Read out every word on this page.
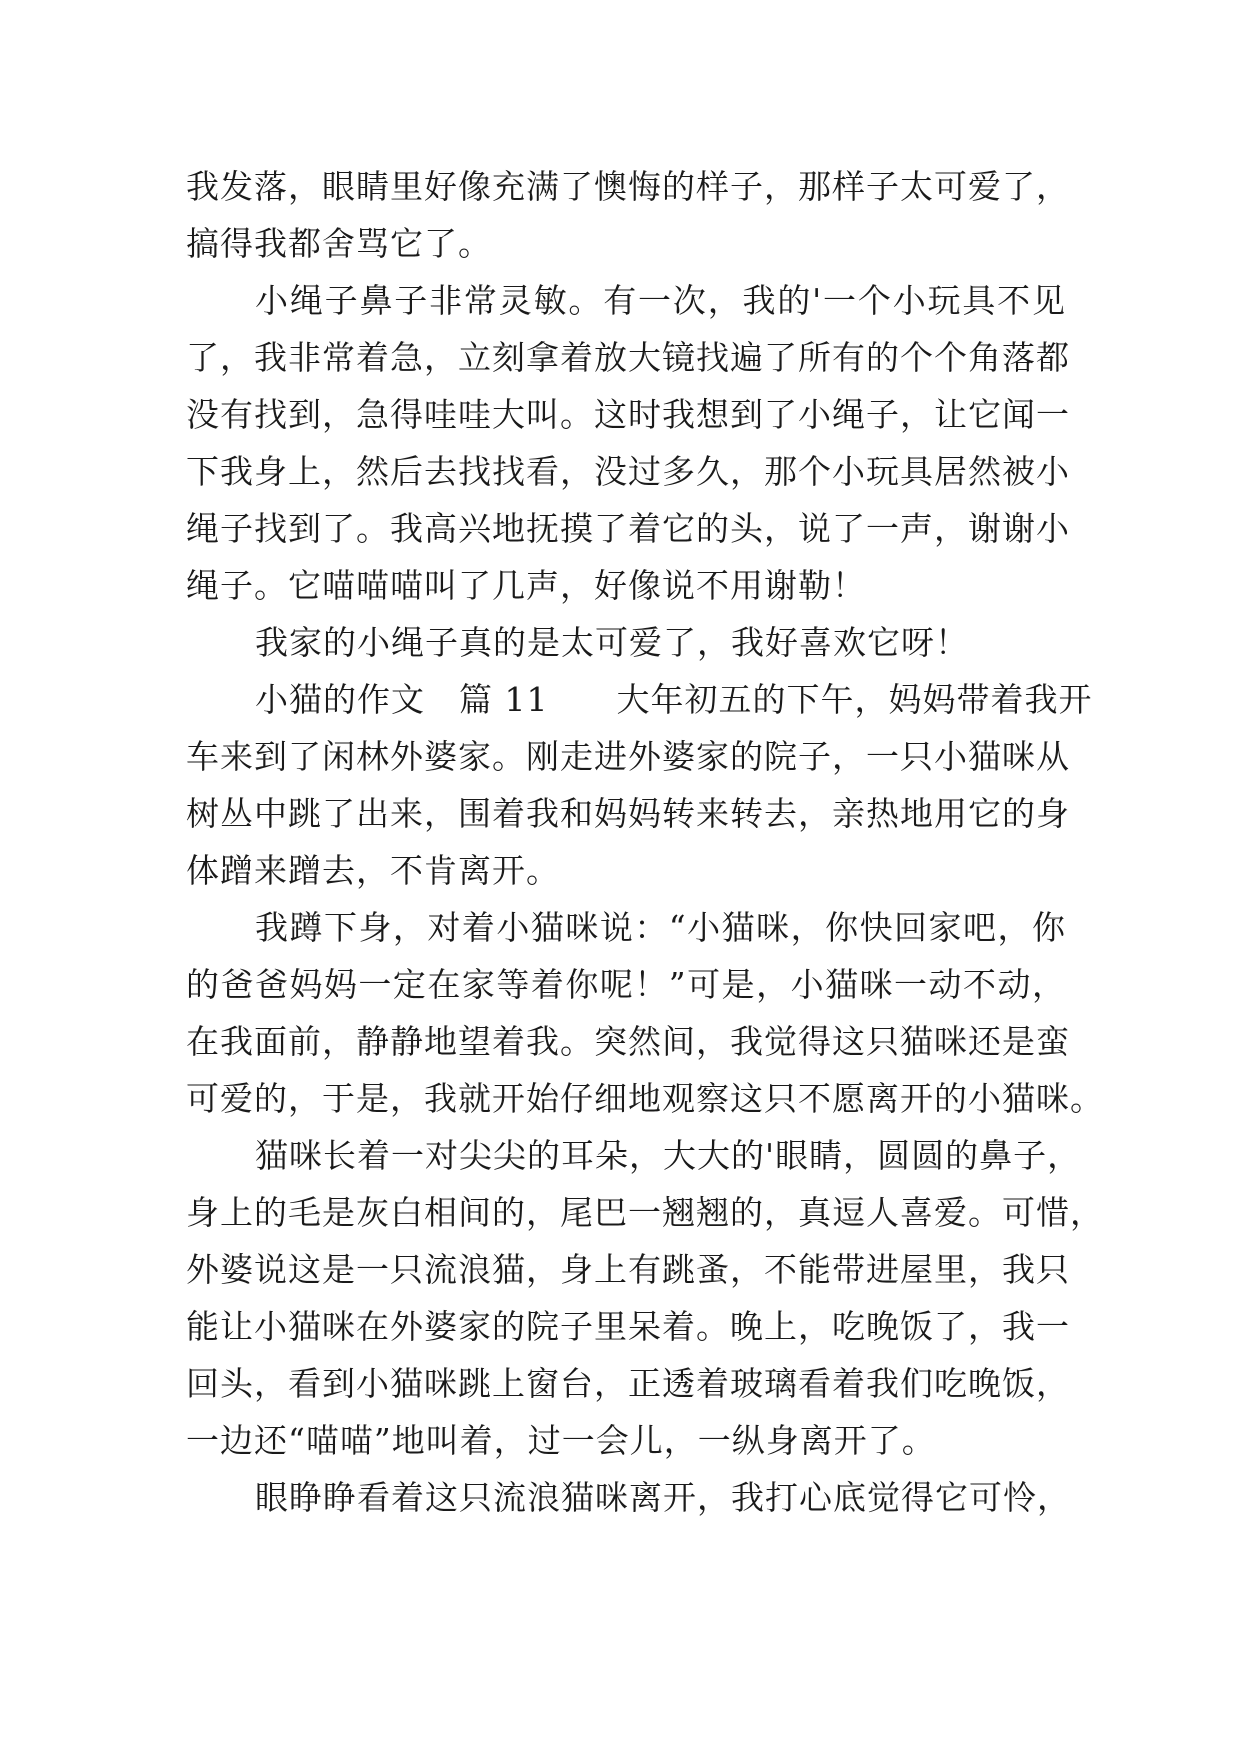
我发落，眼睛里好像充满了懊悔的样子，那样子太可爱了，
搞得我都舍骂它了。
小绳子鼻子非常灵敏。有一次，我的'一个小玩具不见
了，我非常着急，立刻拿着放大镜找遍了所有的个个角落都
没有找到，急得哇哇大叫。这时我想到了小绳子，让它闻一
下我身上，然后去找找看，没过多久，那个小玩具居然被小
绳子找到了。我高兴地抚摸了着它的头，说了一声，谢谢小
绳子。它喵喵喵叫了几声，好像说不用谢勒！
我家的小绳子真的是太可爱了，我好喜欢它呀！
小猫的作文　篇 11　　大年初五的下午，妈妈带着我开
车来到了闲林外婆家。刚走进外婆家的院子，一只小猫咪从
树丛中跳了出来，围着我和妈妈转来转去，亲热地用它的身
体蹭来蹭去，不肯离开。
我蹲下身，对着小猫咪说：“小猫咪，你快回家吧，你
的爸爸妈妈一定在家等着你呢！”可是，小猫咪一动不动，
在我面前，静静地望着我。突然间，我觉得这只猫咪还是蛮
可爱的，于是，我就开始仔细地观察这只不愿离开的小猫咪。
猫咪长着一对尖尖的耳朵，大大的'眼睛，圆圆的鼻子，
身上的毛是灰白相间的，尾巴一翘翘的，真逗人喜爱。可惜，
外婆说这是一只流浪猫，身上有跳蚤，不能带进屋里，我只
能让小猫咪在外婆家的院子里呆着。晚上，吃晚饭了，我一
回头，看到小猫咪跳上窗台，正透着玻璃看着我们吃晚饭，
一边还“喵喵”地叫着，过一会儿，一纵身离开了。
眼睁睁看着这只流浪猫咪离开，我打心底觉得它可怜，
